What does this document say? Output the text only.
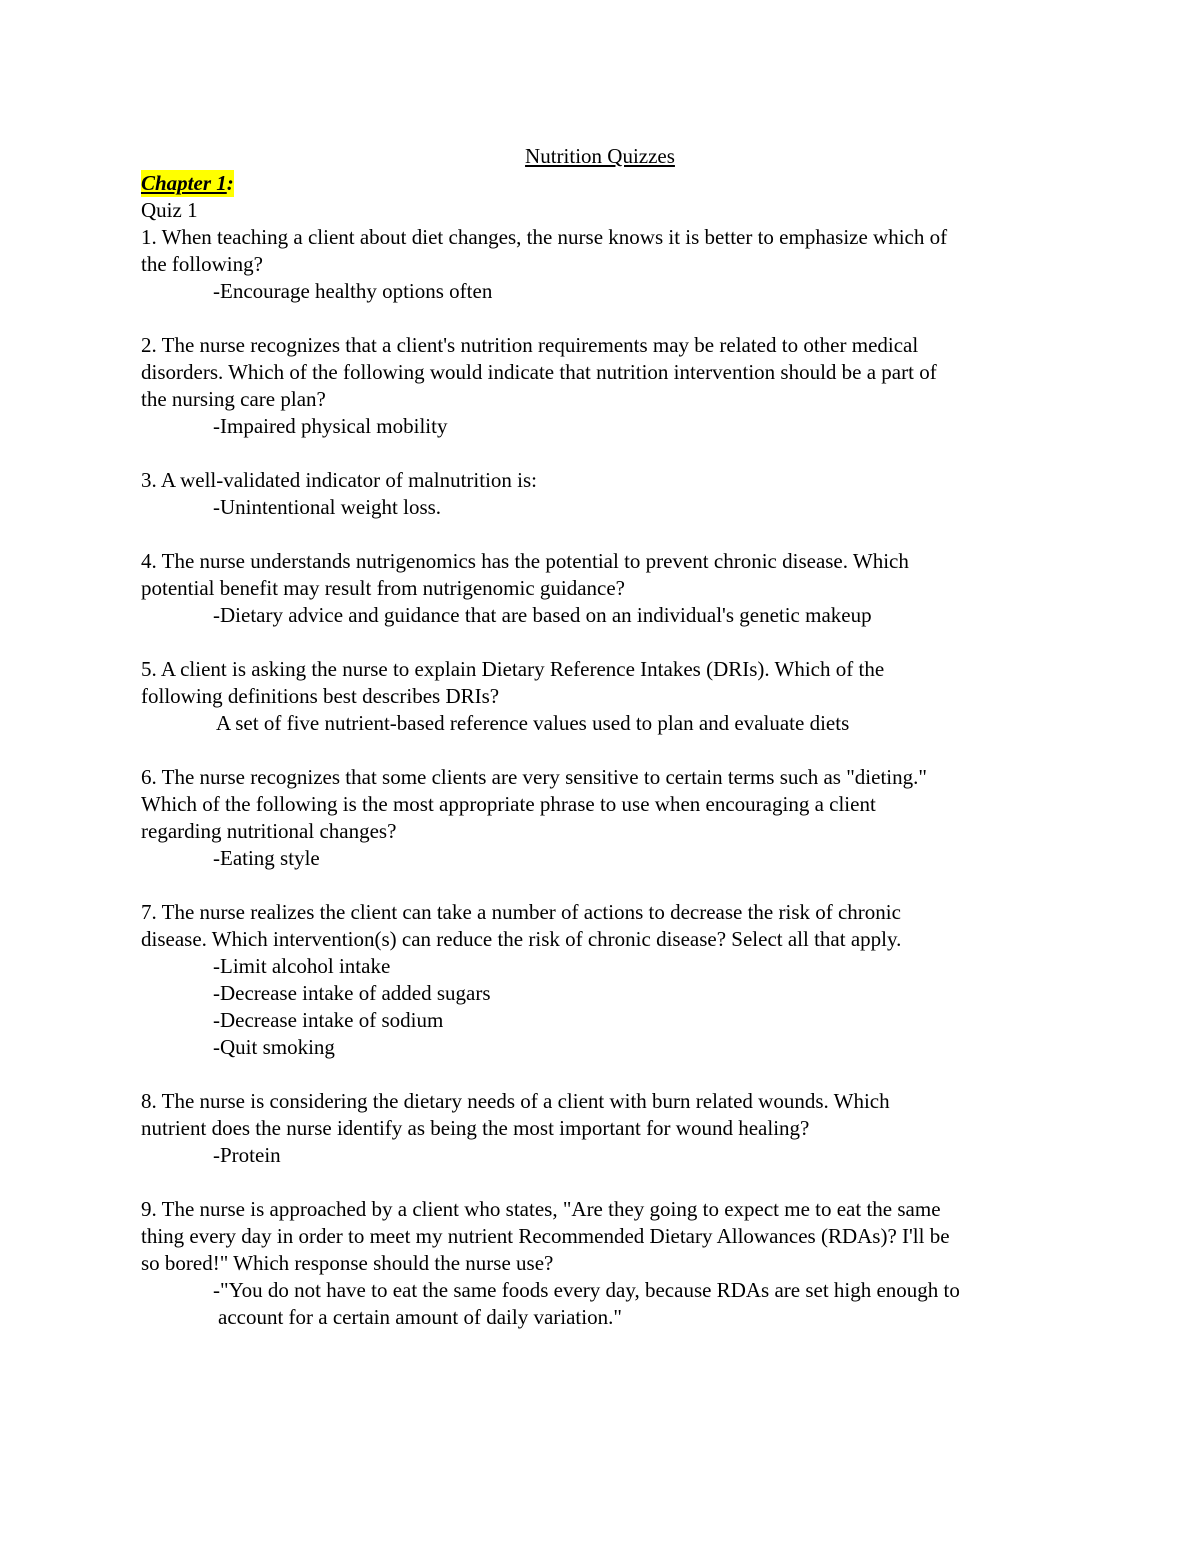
Nutrition Quizzes
Chapter 1:
Quiz 1
1. When teaching a client about diet changes, the nurse knows it is better to emphasize which of
the following?
-Encourage healthy options often
2. The nurse recognizes that a client's nutrition requirements may be related to other medical
disorders. Which of the following would indicate that nutrition intervention should be a part of
the nursing care plan?
-Impaired physical mobility
3. A well-validated indicator of malnutrition is:
-Unintentional weight loss.
4. The nurse understands nutrigenomics has the potential to prevent chronic disease. Which
potential benefit may result from nutrigenomic guidance?
-Dietary advice and guidance that are based on an individual's genetic makeup
5. A client is asking the nurse to explain Dietary Reference Intakes (DRIs). Which of the
following definitions best describes DRIs?
A set of five nutrient-based reference values used to plan and evaluate diets
6. The nurse recognizes that some clients are very sensitive to certain terms such as "dieting."
Which of the following is the most appropriate phrase to use when encouraging a client
regarding nutritional changes?
-Eating style
7. The nurse realizes the client can take a number of actions to decrease the risk of chronic
disease. Which intervention(s) can reduce the risk of chronic disease? Select all that apply.
-Limit alcohol intake
-Decrease intake of added sugars
-Decrease intake of sodium
-Quit smoking
8. The nurse is considering the dietary needs of a client with burn related wounds. Which
nutrient does the nurse identify as being the most important for wound healing?
-Protein
9. The nurse is approached by a client who states, "Are they going to expect me to eat the same
thing every day in order to meet my nutrient Recommended Dietary Allowances (RDAs)? I'll be
so bored!" Which response should the nurse use?
-"You do not have to eat the same foods every day, because RDAs are set high enough to
account for a certain amount of daily variation."
